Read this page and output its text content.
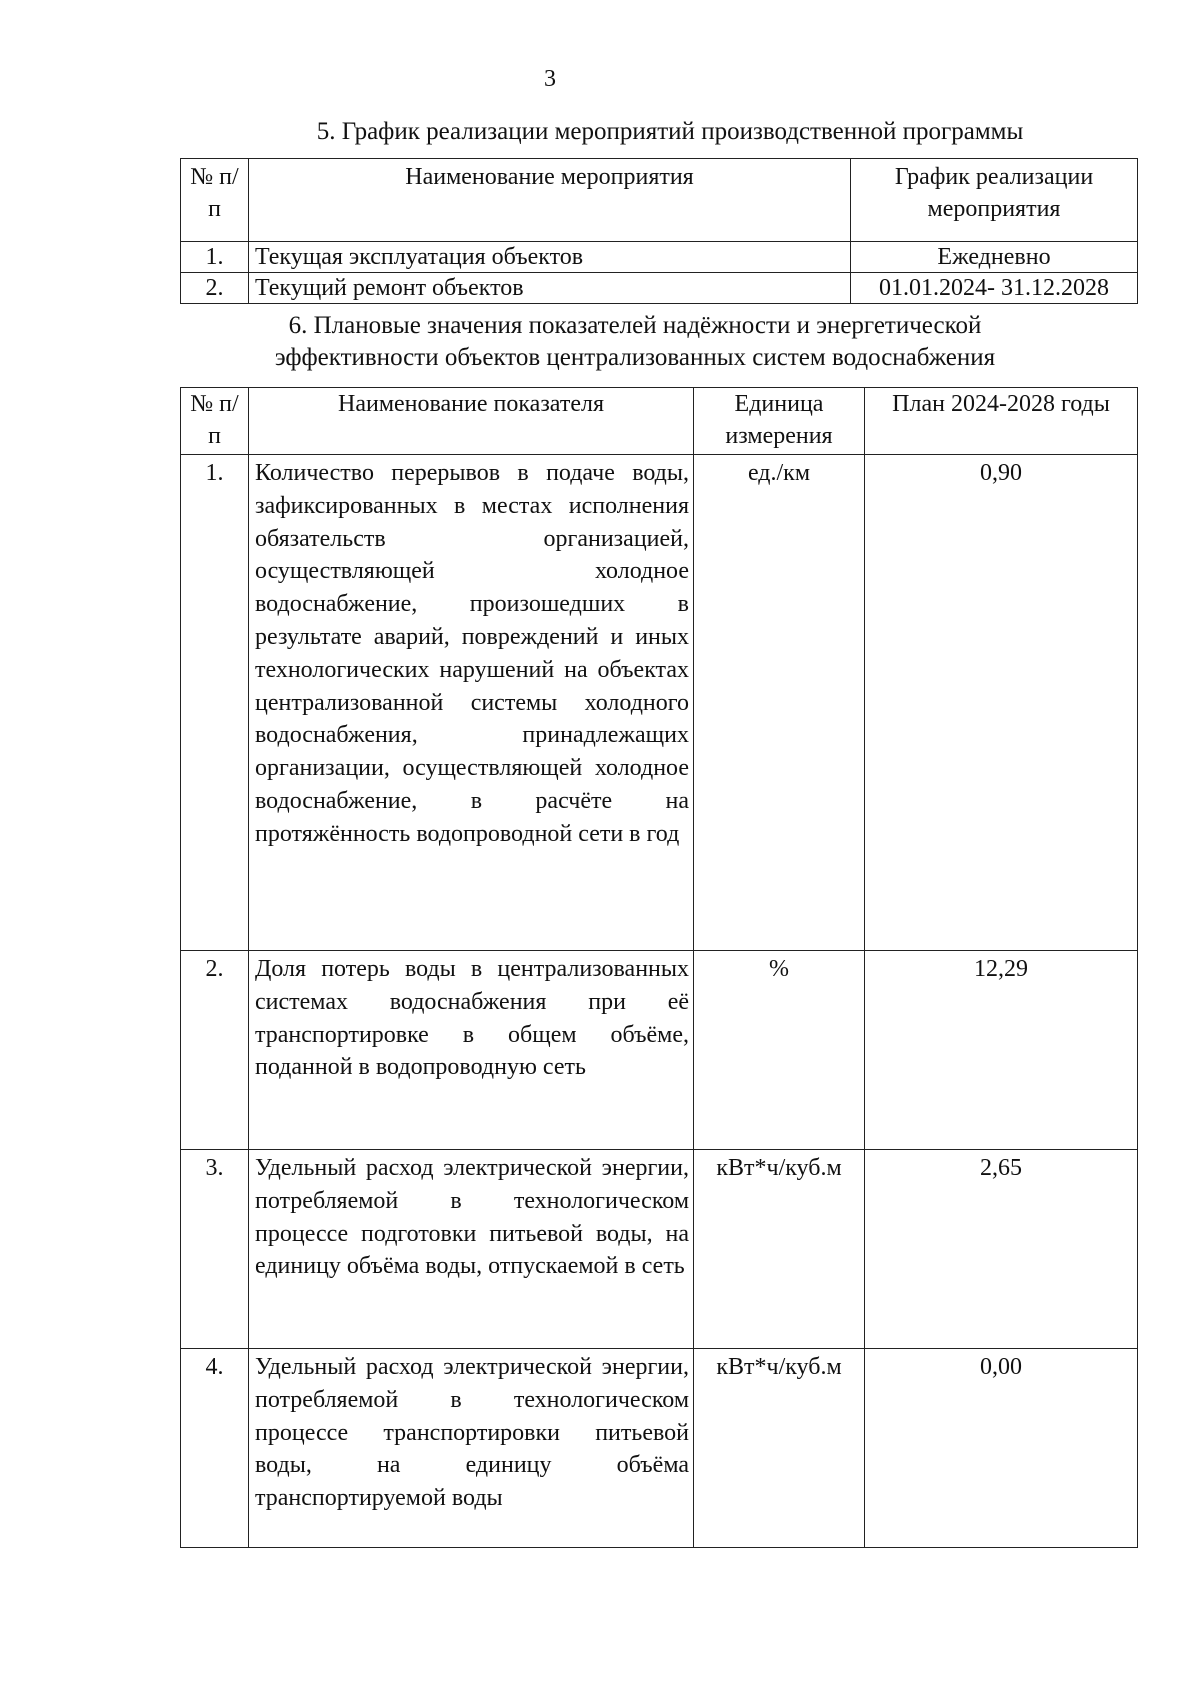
3
5. График реализации мероприятий производственной программы
№ п/п	Наименование мероприятия	График реализации мероприятия
1.	Текущая эксплуатация объектов	Ежедневно
2.	Текущий ремонт объектов	01.01.2024- 31.12.2028
6. Плановые значения показателей надёжности и энергетической
эффективности объектов централизованных систем водоснабжения
№ п/п	Наименование показателя	Единица измерения	План 2024-2028 годы
1.	Количество перерывов в подаче воды, зафиксированных в местах исполнения обязательств организацией, осуществляющей холодное водоснабжение, произошедших в результате аварий, повреждений и иных технологических нарушений на объектах централизованной системы холодного водоснабжения, принадлежащих организации, осуществляющей холодное водоснабжение, в расчёте на протяжённость водопроводной сети в год	ед./км	0,90
2.	Доля потерь воды в централизованных системах водоснабжения при её транспортировке в общем объёме, поданной в водопроводную сеть	%	12,29
3.	Удельный расход электрической энергии, потребляемой в технологическом процессе подготовки питьевой воды, на единицу объёма воды, отпускаемой в сеть	кВт*ч/куб.м	2,65
4.	Удельный расход электрической энергии, потребляемой в технологическом процессе транспортировки питьевой воды, на единицу объёма транспортируемой воды	кВт*ч/куб.м	0,00
